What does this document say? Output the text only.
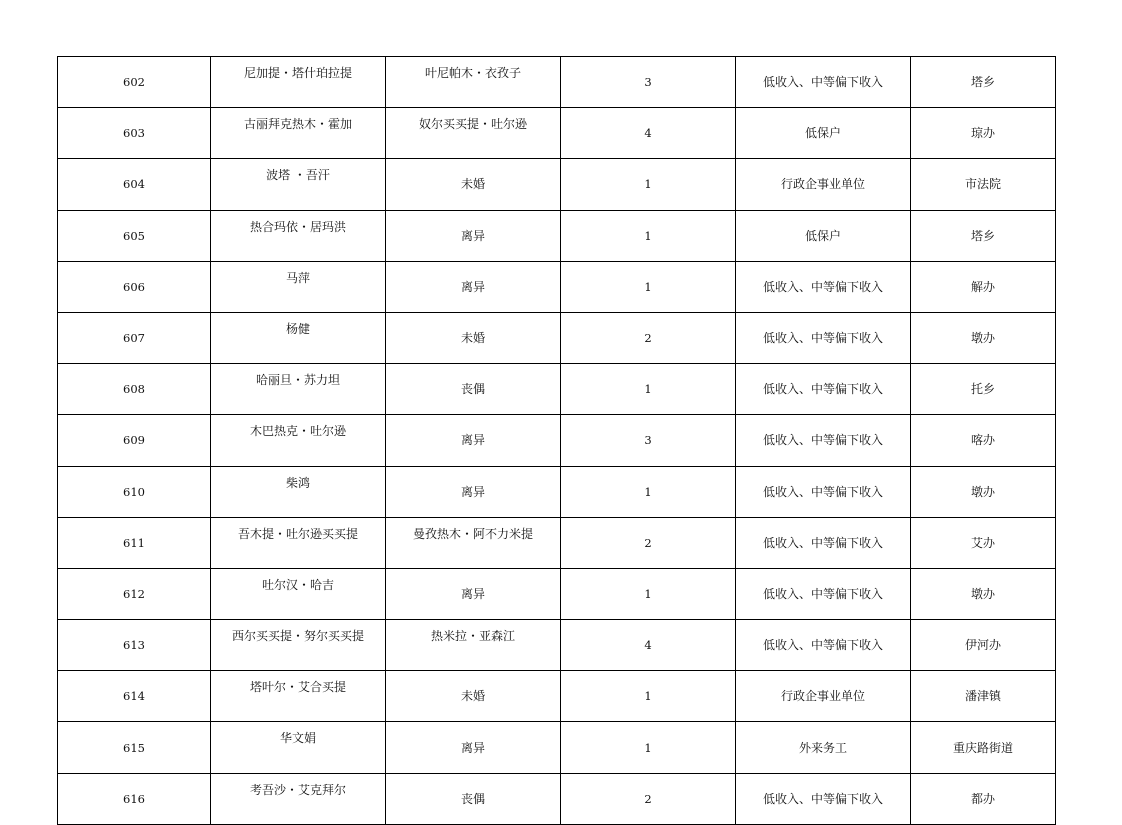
602	尼加提・塔什珀拉提	叶尼帕木・衣孜子	3	低收入、中等偏下收入	塔乡
603	古丽拜克热木・霍加	奴尔买买提・吐尔逊	4	低保户	琼办
604	波塔 ・吾汗	未婚	1	行政企事业单位	市法院
605	热合玛依・居玛洪	离异	1	低保户	塔乡
606	马萍	离异	1	低收入、中等偏下收入	解办
607	杨健	未婚	2	低收入、中等偏下收入	墩办
608	哈丽旦・苏力坦	丧偶	1	低收入、中等偏下收入	托乡
609	木巴热克・吐尔逊	离异	3	低收入、中等偏下收入	喀办
610	柴鸿	离异	1	低收入、中等偏下收入	墩办
611	吾木提・吐尔逊买买提	曼孜热木・阿不力米提	2	低收入、中等偏下收入	艾办
612	吐尔汉・哈吉	离异	1	低收入、中等偏下收入	墩办
613	西尔买买提・努尔买买提	热米拉・亚森江	4	低收入、中等偏下收入	伊河办
614	塔叶尔・艾合买提	未婚	1	行政企事业单位	潘津镇
615	华文娟	离异	1	外来务工	重庆路街道
616	考吾沙・艾克拜尔	丧偶	2	低收入、中等偏下收入	都办
